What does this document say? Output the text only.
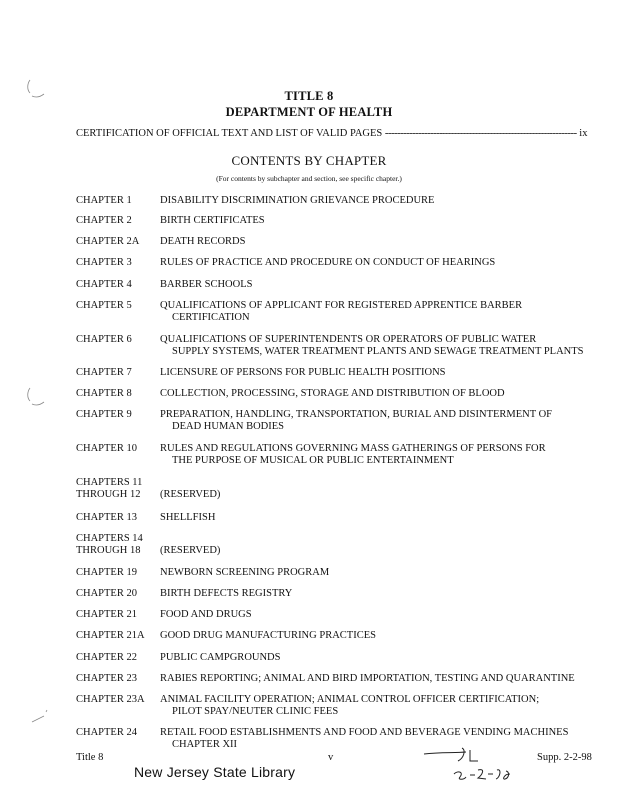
TITLE 8
DEPARTMENT OF HEALTH
CERTIFICATION OF OFFICIAL TEXT AND LIST OF VALID PAGES ---------------------------------------------------------------- ix
CONTENTS BY CHAPTER
(For contents by subchapter and section, see specific chapter.)
CHAPTER 1	DISABILITY DISCRIMINATION GRIEVANCE PROCEDURE
CHAPTER 2	BIRTH CERTIFICATES
CHAPTER 2A	DEATH RECORDS
CHAPTER 3	RULES OF PRACTICE AND PROCEDURE ON CONDUCT OF HEARINGS
CHAPTER 4	BARBER SCHOOLS
CHAPTER 5	QUALIFICATIONS OF APPLICANT FOR REGISTERED APPRENTICE BARBER
CERTIFICATION
CHAPTER 6	QUALIFICATIONS OF SUPERINTENDENTS OR OPERATORS OF PUBLIC WATER
SUPPLY SYSTEMS, WATER TREATMENT PLANTS AND SEWAGE TREATMENT PLANTS
CHAPTER 7	LICENSURE OF PERSONS FOR PUBLIC HEALTH POSITIONS
CHAPTER 8	COLLECTION, PROCESSING, STORAGE AND DISTRIBUTION OF BLOOD
CHAPTER 9	PREPARATION, HANDLING, TRANSPORTATION, BURIAL AND DISINTERMENT OF
DEAD HUMAN BODIES
CHAPTER 10	RULES AND REGULATIONS GOVERNING MASS GATHERINGS OF PERSONS FOR
THE PURPOSE OF MUSICAL OR PUBLIC ENTERTAINMENT
CHAPTERS 11
THROUGH 12	(RESERVED)
CHAPTER 13	SHELLFISH
CHAPTERS 14
THROUGH 18	(RESERVED)
CHAPTER 19	NEWBORN SCREENING PROGRAM
CHAPTER 20	BIRTH DEFECTS REGISTRY
CHAPTER 21	FOOD AND DRUGS
CHAPTER 21A	GOOD DRUG MANUFACTURING PRACTICES
CHAPTER 22	PUBLIC CAMPGROUNDS
CHAPTER 23	RABIES REPORTING; ANIMAL AND BIRD IMPORTATION, TESTING AND QUARANTINE
CHAPTER 23A	ANIMAL FACILITY OPERATION; ANIMAL CONTROL OFFICER CERTIFICATION;
PILOT SPAY/NEUTER CLINIC FEES
CHAPTER 24	RETAIL FOOD ESTABLISHMENTS AND FOOD AND BEVERAGE VENDING MACHINES
CHAPTER XII
Title 8	v	Supp. 2-2-98
New Jersey State Library
